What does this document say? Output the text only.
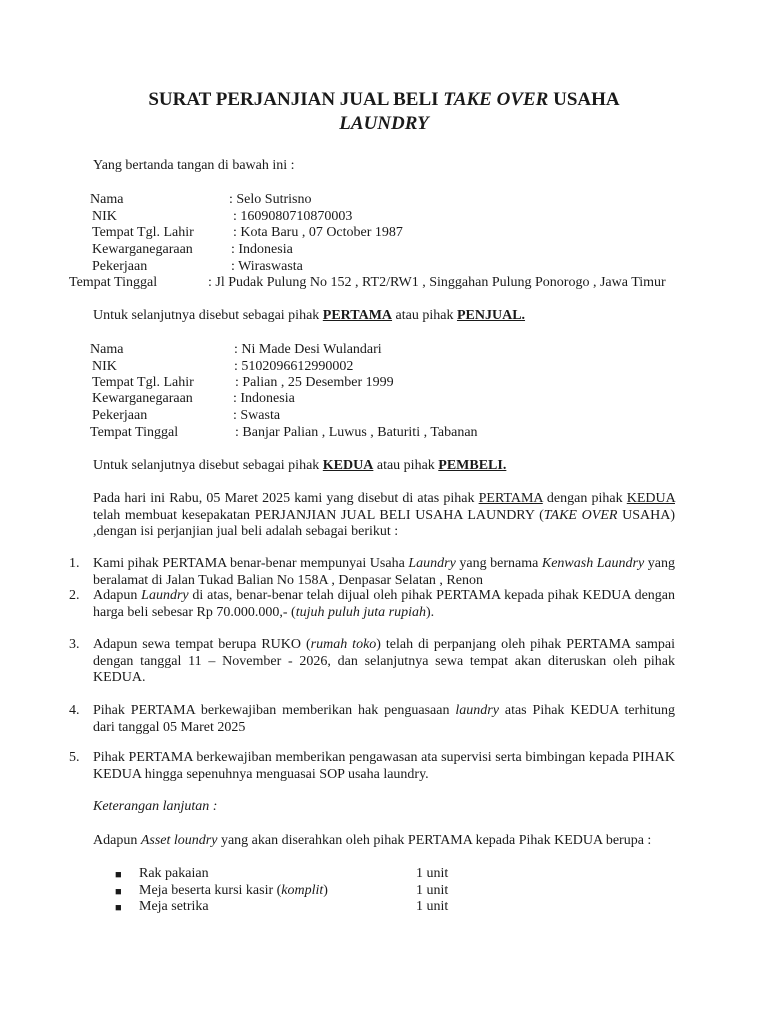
SURAT PERJANJIAN JUAL BELI TAKE OVER USAHA
LAUNDRY
Yang bertanda tangan di bawah ini :
Nama	: Selo Sutrisno
NIK	: 1609080710870003
Tempat Tgl. Lahir	: Kota Baru , 07 October 1987
Kewarganegaraan	: Indonesia
Pekerjaan	: Wiraswasta
Tempat Tinggal	: Jl Pudak Pulung No 152 , RT2/RW1 , Singgahan Pulung Ponorogo , Jawa Timur
Untuk selanjutnya disebut sebagai pihak PERTAMA atau pihak PENJUAL.
Nama	: Ni Made Desi Wulandari
NIK	: 5102096612990002
Tempat Tgl. Lahir	: Palian , 25 Desember 1999
Kewarganegaraan	: Indonesia
Pekerjaan	: Swasta
Tempat Tinggal	: Banjar Palian , Luwus , Baturiti , Tabanan
Untuk selanjutnya disebut sebagai pihak KEDUA atau pihak PEMBELI.
Pada hari ini Rabu, 05 Maret 2025 kami yang disebut di atas pihak PERTAMA dengan pihak KEDUA telah membuat kesepakatan PERJANJIAN JUAL BELI USAHA LAUNDRY (TAKE OVER USAHA) ,dengan isi perjanjian jual beli adalah sebagai berikut :
1. Kami pihak PERTAMA benar-benar mempunyai Usaha Laundry yang bernama Kenwash Laundry yang beralamat di Jalan Tukad Balian No 158A , Denpasar Selatan , Renon
2. Adapun Laundry di atas, benar-benar telah dijual oleh pihak PERTAMA kepada pihak KEDUA dengan harga beli sebesar Rp 70.000.000,- (tujuh puluh juta rupiah).
3. Adapun sewa tempat berupa RUKO (rumah toko) telah di perpanjang oleh pihak PERTAMA sampai dengan tanggal 11 – November - 2026, dan selanjutnya sewa tempat akan diteruskan oleh pihak KEDUA.
4. Pihak PERTAMA berkewajiban memberikan hak penguasaan laundry atas Pihak KEDUA terhitung dari tanggal 05 Maret 2025
5. Pihak PERTAMA berkewajiban memberikan pengawasan ata supervisi serta bimbingan kepada PIHAK KEDUA hingga sepenuhnya menguasai SOP usaha laundry.
Keterangan lanjutan :
Adapun Asset loundry yang akan diserahkan oleh pihak PERTAMA kepada Pihak KEDUA berupa :
■ Rak pakaian	1 unit
■ Meja beserta kursi kasir (komplit)	1 unit
■ Meja setrika	1 unit
